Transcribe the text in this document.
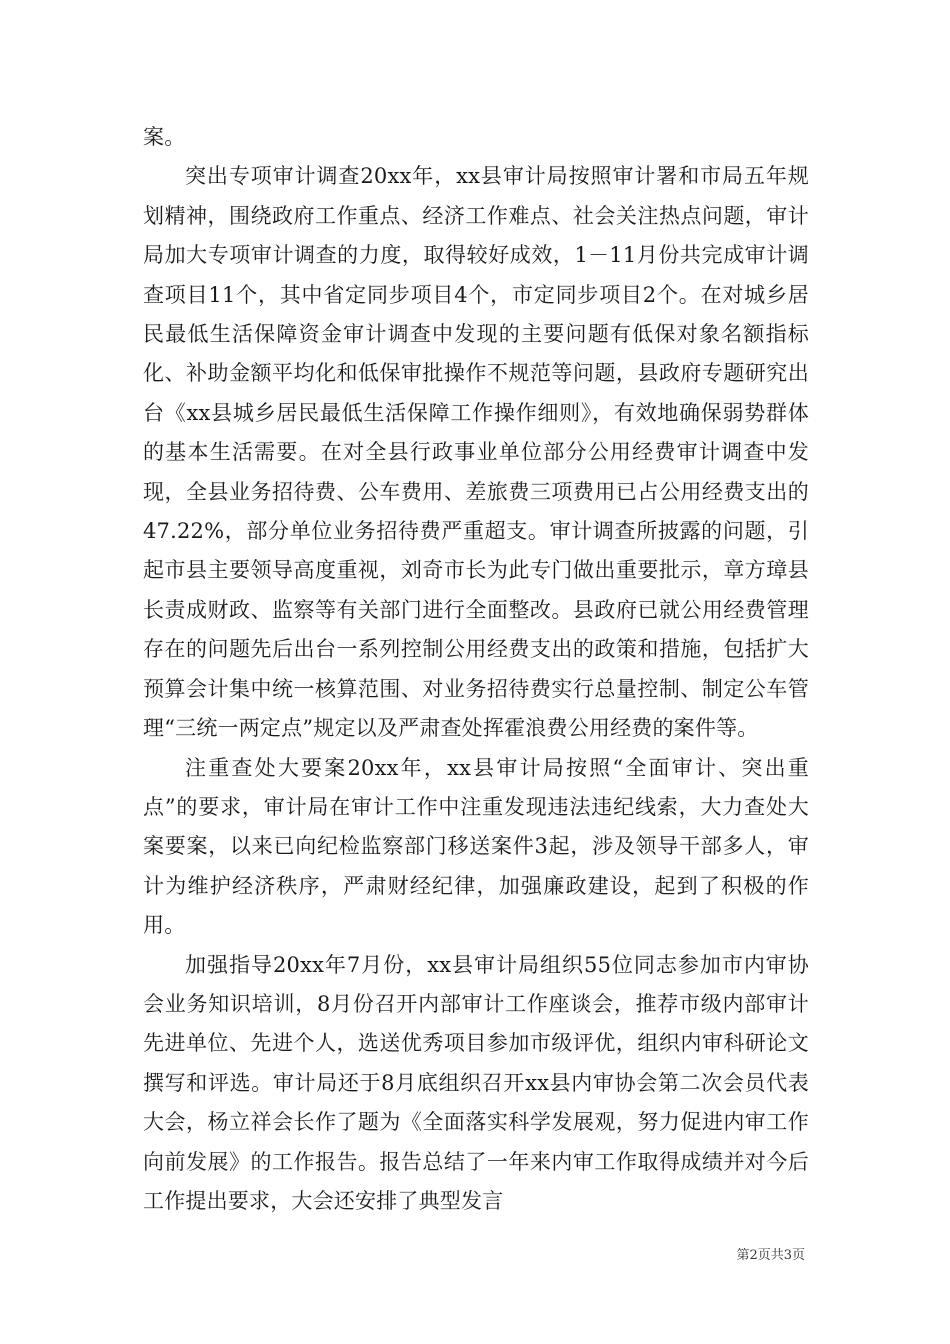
案。

突出专项审计调查20xx年，xx县审计局按照审计署和市局五年规划精神，围绕政府工作重点、经济工作难点、社会关注热点问题，审计局加大专项审计调查的力度，取得较好成效，1－11月份共完成审计调查项目11个，其中省定同步项目4个，市定同步项目2个。在对城乡居民最低生活保障资金审计调查中发现的主要问题有低保对象名额指标化、补助金额平均化和低保审批操作不规范等问题，县政府专题研究出台《xx县城乡居民最低生活保障工作操作细则》，有效地确保弱势群体的基本生活需要。在对全县行政事业单位部分公用经费审计调查中发现，全县业务招待费、公车费用、差旅费三项费用已占公用经费支出的47.22%，部分单位业务招待费严重超支。审计调查所披露的问题，引起市县主要领导高度重视，刘奇市长为此专门做出重要批示，章方璋县长责成财政、监察等有关部门进行全面整改。县政府已就公用经费管理存在的问题先后出台一系列控制公用经费支出的政策和措施，包括扩大预算会计集中统一核算范围、对业务招待费实行总量控制、制定公车管理“三统一两定点”规定以及严肃查处挥霍浪费公用经费的案件等。

注重查处大要案20xx年，xx县审计局按照“全面审计、突出重点”的要求，审计局在审计工作中注重发现违法违纪线索，大力查处大案要案，以来已向纪检监察部门移送案件3起，涉及领导干部多人，审计为维护经济秩序，严肃财经纪律，加强廉政建设，起到了积极的作用。

加强指导20xx年7月份，xx县审计局组织55位同志参加市内审协会业务知识培训，8月份召开内部审计工作座谈会，推荐市级内部审计先进单位、先进个人，选送优秀项目参加市级评优，组织内审科研论文撰写和评选。审计局还于8月底组织召开xx县内审协会第二次会员代表大会，杨立祥会长作了题为《全面落实科学发展观，努力促进内审工作向前发展》的工作报告。报告总结了一年来内审工作取得成绩并对今后工作提出要求，大会还安排了典型发言

第2页共3页
